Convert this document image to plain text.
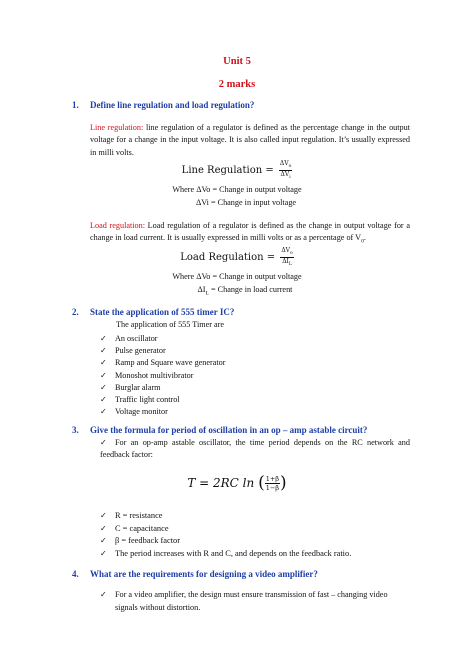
Unit 5
2 marks
1. Define line regulation and load regulation?
Line regulation: line regulation of a regulator is defined as the percentage change in the output voltage for a change in the input voltage. It is also called input regulation. It’s usually expressed in milli volts.
Line Regulation = $\frac{\Delta V_o}{\Delta V_i}$
Where ΔVo = Change in output voltage
ΔVi = Change in input voltage
Load regulation: Load regulation of a regulator is defined as the change in output voltage for a change in load current. It is usually expressed in milli volts or as a percentage of $V_0$.
Load Regulation = $\frac{\Delta V_o}{\Delta I_L}$
Where ΔVo = Change in output voltage
$\Delta I_L$ = Change in load current
2. State the application of 555 timer IC?
The application of 555 Timer are
✓ An oscillator
✓ Pulse generator
✓ Ramp and Square wave generator
✓ Monoshot multivibrator
✓ Burglar alarm
✓ Traffic light control
✓ Voltage monitor
3. Give the formula for period of oscillation in an op – amp astable circuit?
✓ For an op-amp astable oscillator, the time period depends on the RC network and feedback factor:
T = 2RC ln ( $\frac{1+\beta}{1-\beta}$ )
✓ R = resistance
✓ C = capacitance
✓ β = feedback factor
✓ The period increases with R and C, and depends on the feedback ratio.
4. What are the requirements for designing a video amplifier?
✓ For a video amplifier, the design must ensure transmission of fast – changing video
signals without distortion.
